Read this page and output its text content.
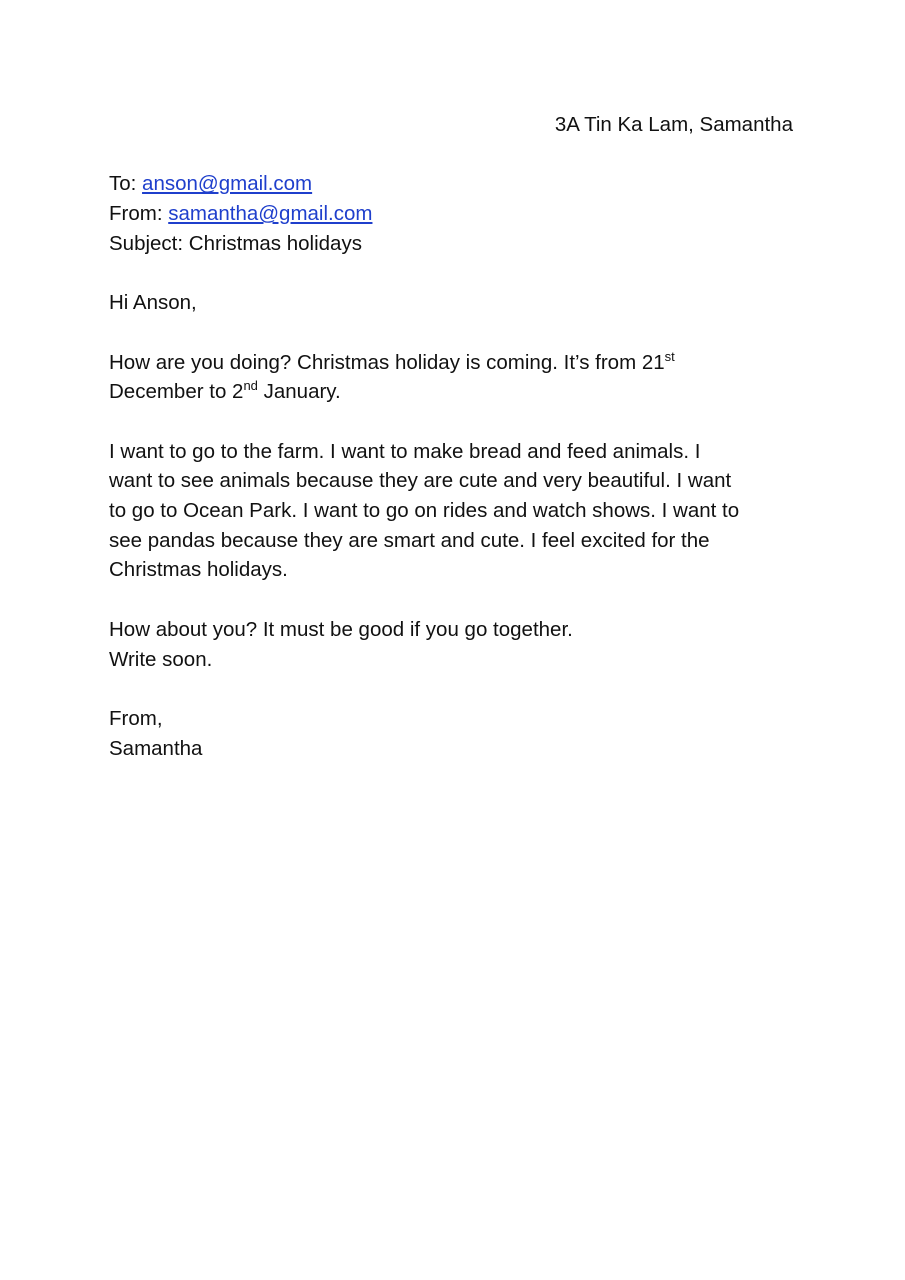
3A Tin Ka Lam, Samantha
To: anson@gmail.com
From: samantha@gmail.com
Subject: Christmas holidays
Hi Anson,
How are you doing? Christmas holiday is coming. It’s from 21st
December to 2nd January.
I want to go to the farm. I want to make bread and feed animals. I
want to see animals because they are cute and very beautiful. I want
to go to Ocean Park. I want to go on rides and watch shows. I want to
see pandas because they are smart and cute. I feel excited for the
Christmas holidays.
How about you? It must be good if you go together.
Write soon.
From,
Samantha
